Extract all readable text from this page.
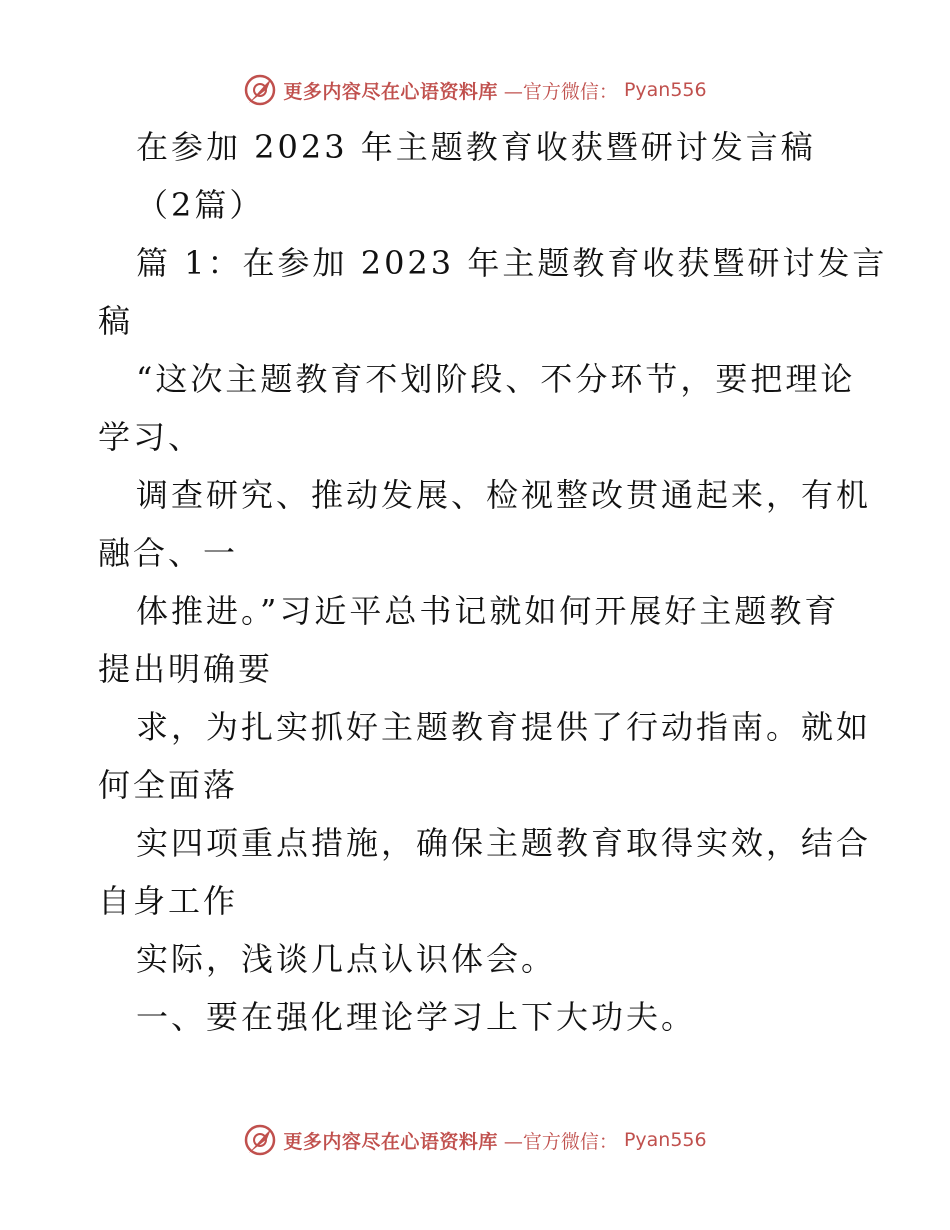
更多内容尽在心语资料库 —官方微信： Pyan556
在参加 2023 年主题教育收获暨研讨发言稿
（2篇）
篇 1：在参加 2023 年主题教育收获暨研讨发言
稿
“这次主题教育不划阶段、不分环节，要把理论
学习、
调查研究、推动发展、检视整改贯通起来，有机
融合、一
体推进。”习近平总书记就如何开展好主题教育
提出明确要
求，为扎实抓好主题教育提供了行动指南。就如
何全面落
实四项重点措施，确保主题教育取得实效，结合
自身工作
实际，浅谈几点认识体会。
一、要在强化理论学习上下大功夫。
更多内容尽在心语资料库 —官方微信： Pyan556
